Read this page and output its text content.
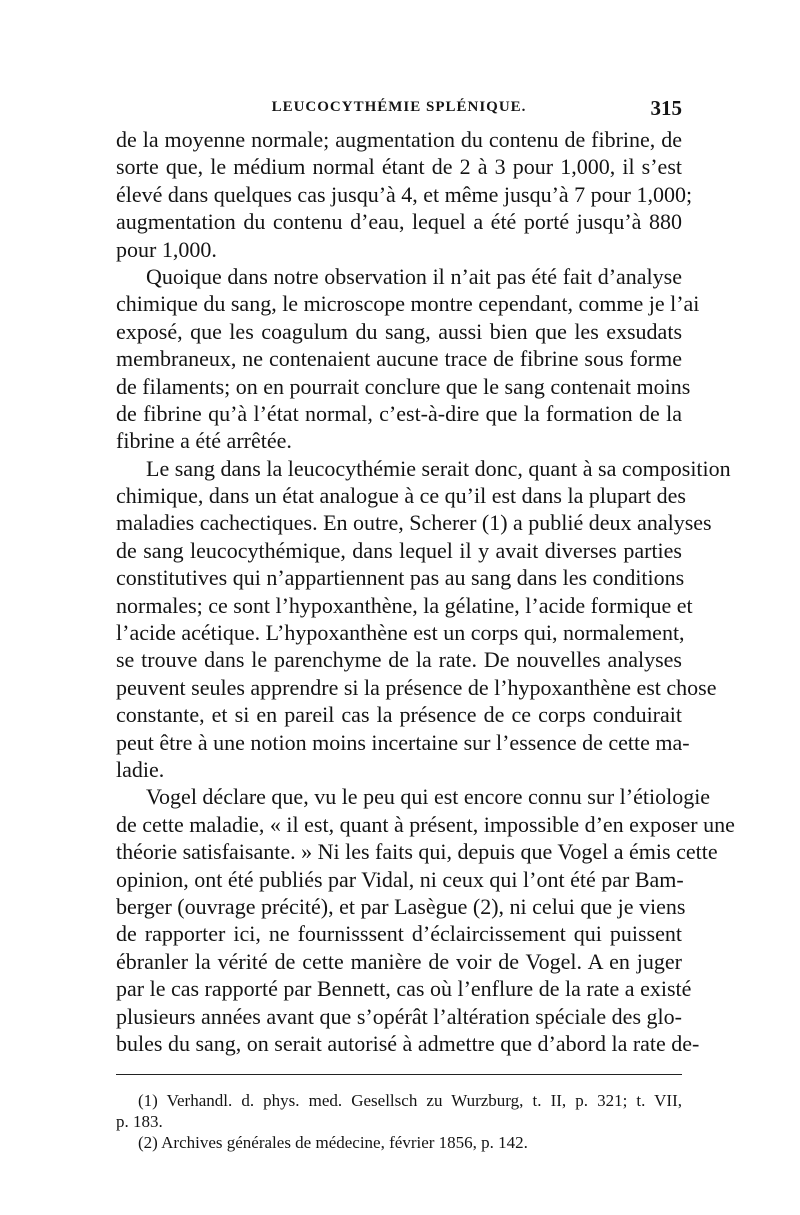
LEUCOCYTHÉMIE SPLÉNIQUE.	315
de la moyenne normale; augmentation du contenu de fibrine, de
sorte que, le médium normal étant de 2 à 3 pour 1,000, il s’est
élevé dans quelques cas jusqu’à 4, et même jusqu’à 7 pour 1,000;
augmentation du contenu d’eau, lequel a été porté jusqu’à 880
pour 1,000.
Quoique dans notre observation il n’ait pas été fait d’analyse
chimique du sang, le microscope montre cependant, comme je l’ai
exposé, que les coagulum du sang, aussi bien que les exsudats
membraneux, ne contenaient aucune trace de fibrine sous forme
de filaments; on en pourrait conclure que le sang contenait moins
de fibrine qu’à l’état normal, c’est-à-dire que la formation de la
fibrine a été arrêtée.
Le sang dans la leucocythémie serait donc, quant à sa composition
chimique, dans un état analogue à ce qu’il est dans la plupart des
maladies cachectiques. En outre, Scherer (1) a publié deux analyses
de sang leucocythémique, dans lequel il y avait diverses parties
constitutives qui n’appartiennent pas au sang dans les conditions
normales; ce sont l’hypoxanthène, la gélatine, l’acide formique et
l’acide acétique. L’hypoxanthène est un corps qui, normalement,
se trouve dans le parenchyme de la rate. De nouvelles analyses
peuvent seules apprendre si la présence de l’hypoxanthène est chose
constante, et si en pareil cas la présence de ce corps conduirait
peut être à une notion moins incertaine sur l’essence de cette ma-
ladie.
Vogel déclare que, vu le peu qui est encore connu sur l’étiologie
de cette maladie, « il est, quant à présent, impossible d’en exposer une
théorie satisfaisante. » Ni les faits qui, depuis que Vogel a émis cette
opinion, ont été publiés par Vidal, ni ceux qui l’ont été par Bam-
berger (ouvrage précité), et par Lasègue (2), ni celui que je viens
de rapporter ici, ne fournisssent d’éclaircissement qui puissent
ébranler la vérité de cette manière de voir de Vogel. A en juger
par le cas rapporté par Bennett, cas où l’enflure de la rate a existé
plusieurs années avant que s’opérât l’altération spéciale des glo-
bules du sang, on serait autorisé à admettre que d’abord la rate de-
(1) Verhandl. d. phys. med. Gesellsch zu Wurzburg, t. II, p. 321; t. VII,
p. 183.
(2) Archives générales de médecine, février 1856, p. 142.
